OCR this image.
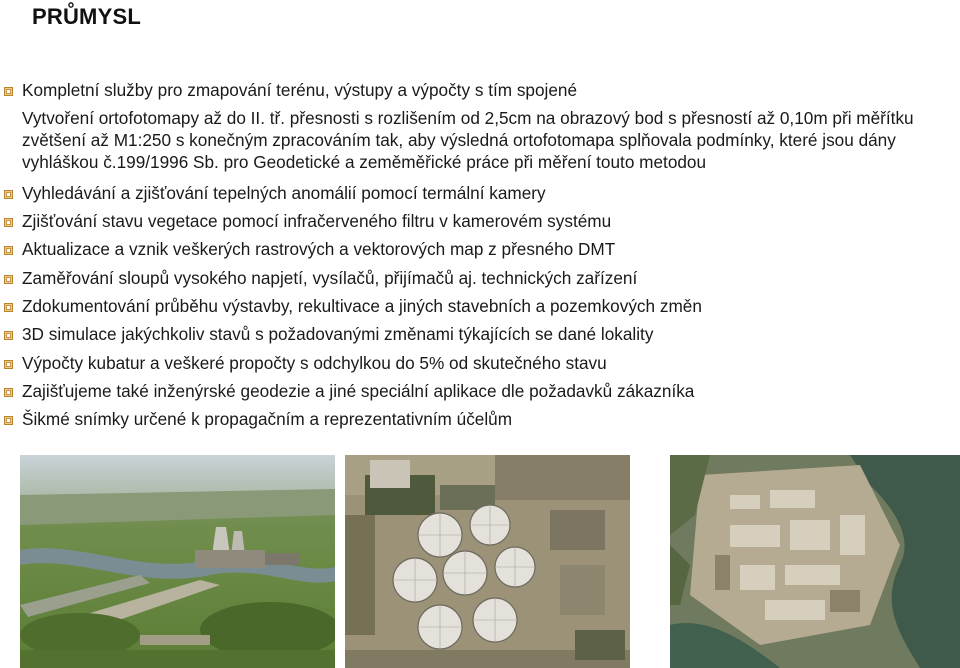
PRŮMYSL
Kompletní služby pro zmapování terénu, výstupy a výpočty s tím spojené
Vytvoření ortofotomapy až do II. tř. přesnosti s rozlišením od 2,5cm na obrazový bod s přesností až 0,10m při měřítku zvětšení až M1:250 s konečným zpracováním tak, aby výsledná ortofotomapa splňovala podmínky, které jsou dány vyhláškou č.199/1996 Sb. pro Geodetické a zeměměřické práce při měření touto metodou
Vyhledávání a zjišťování tepelných anomálií pomocí termální kamery
Zjišťování stavu vegetace pomocí infračerveného filtru v kamerovém systému
Aktualizace a vznik veškerých rastrových a vektorových map z přesného DMT
Zaměřování sloupů vysokého napjetí, vysílačů, přijímačů aj. technických zařízení
Zdokumentování průběhu výstavby, rekultivace a jiných stavebních a pozemkových změn
3D simulace jakýchkoliv stavů s požadovanými změnami týkajících se dané lokality
Výpočty kubatur a veškeré propočty s odchylkou do 5% od skutečného stavu
Zajišťujeme také inženýrské geodezie a jiné speciální aplikace dle požadavků zákazníka
Šikmé snímky určené k propagačním a reprezentativním účelům
